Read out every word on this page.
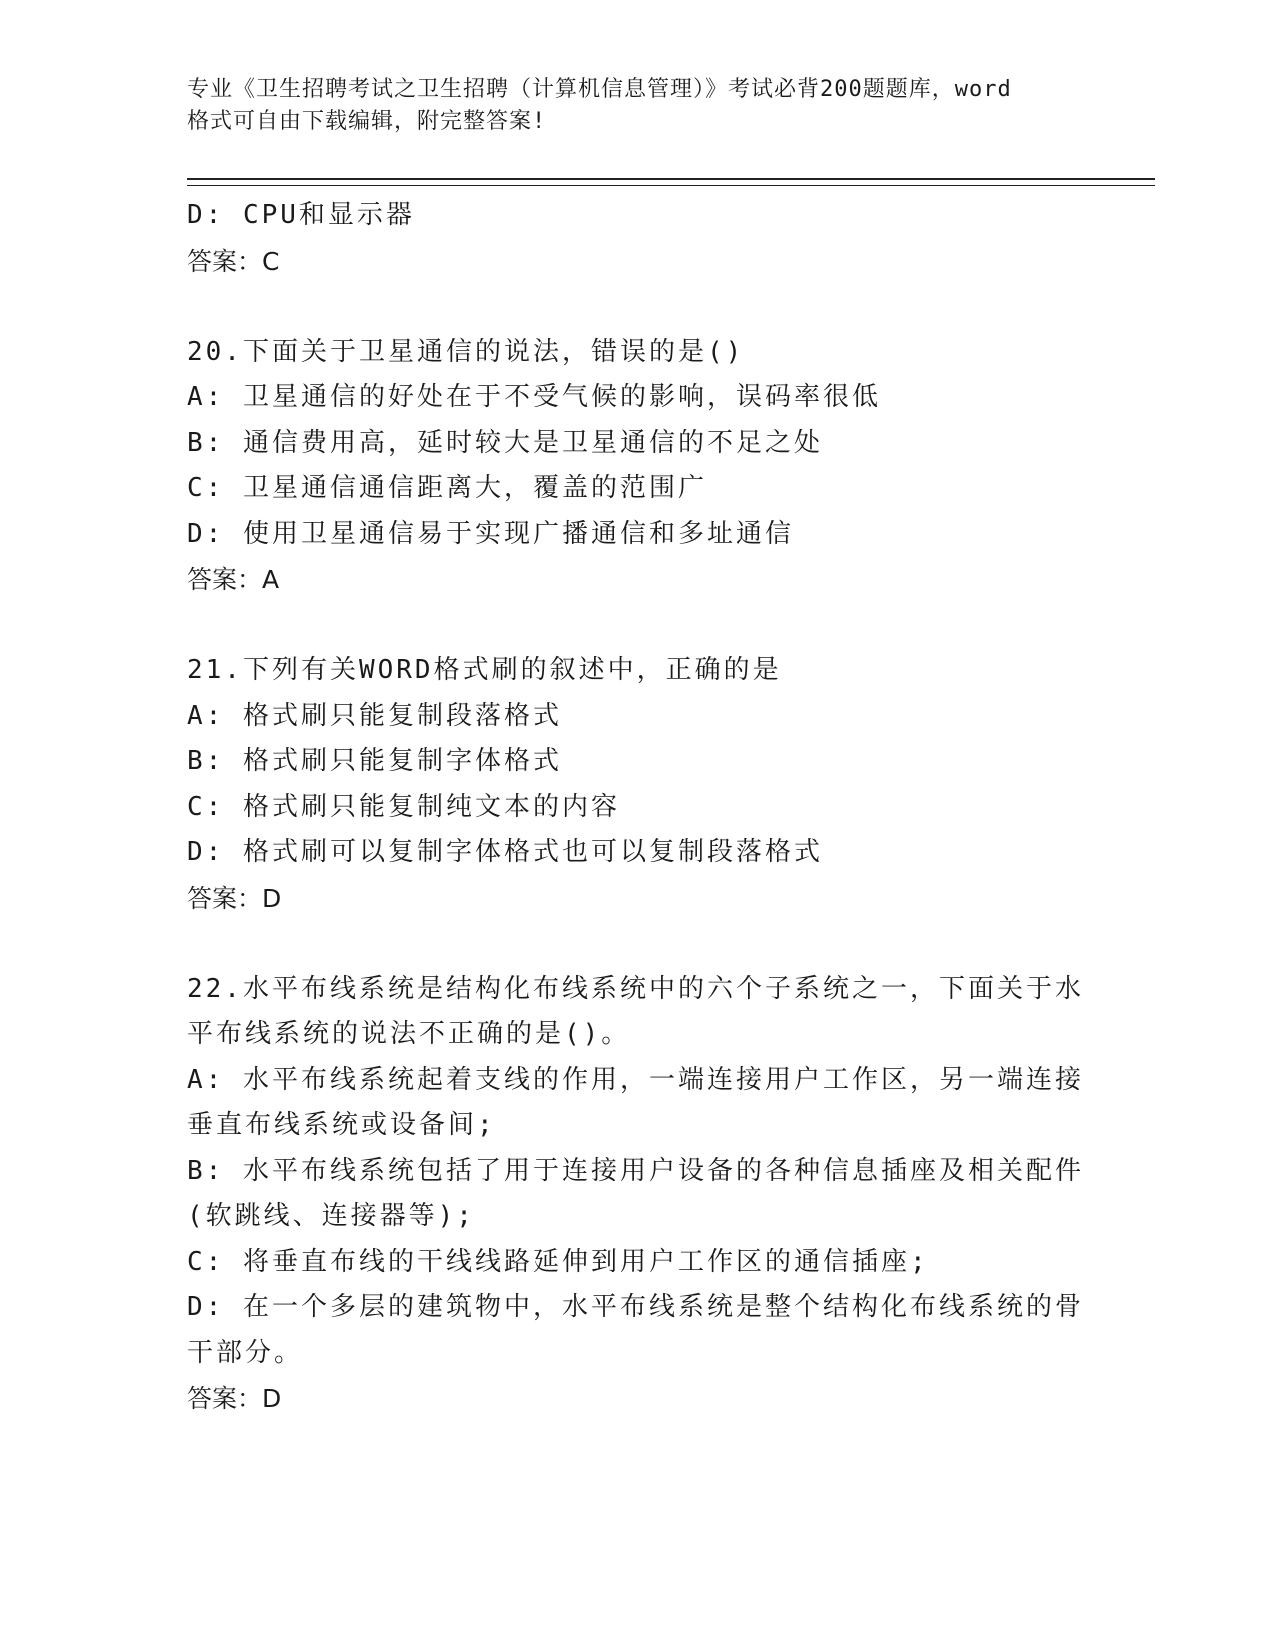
专业《卫生招聘考试之卫生招聘（计算机信息管理）》考试必背200题题库，word
格式可自由下载编辑，附完整答案!
D: CPU和显示器
答案：C
20.下面关于卫星通信的说法，错误的是()
A: 卫星通信的好处在于不受气候的影响，误码率很低
B: 通信费用高，延时较大是卫星通信的不足之处
C: 卫星通信通信距离大，覆盖的范围广
D: 使用卫星通信易于实现广播通信和多址通信
答案：A
21.下列有关WORD格式刷的叙述中，正确的是
A: 格式刷只能复制段落格式
B: 格式刷只能复制字体格式
C: 格式刷只能复制纯文本的内容
D: 格式刷可以复制字体格式也可以复制段落格式
答案：D
22.水平布线系统是结构化布线系统中的六个子系统之一，下面关于水
平布线系统的说法不正确的是()。
A: 水平布线系统起着支线的作用，一端连接用户工作区，另一端连接
垂直布线系统或设备间;
B: 水平布线系统包括了用于连接用户设备的各种信息插座及相关配件
(软跳线、连接器等);
C: 将垂直布线的干线线路延伸到用户工作区的通信插座;
D: 在一个多层的建筑物中，水平布线系统是整个结构化布线系统的骨
干部分。
答案：D
